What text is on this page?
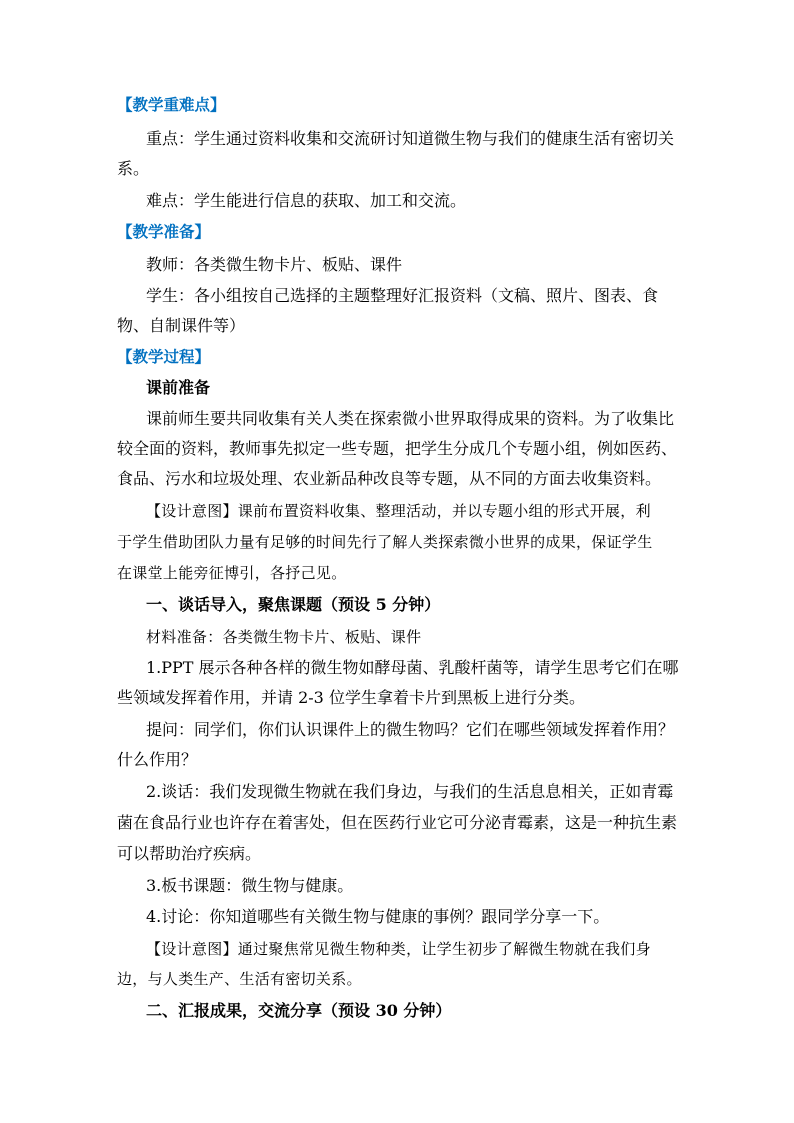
【教学重难点】
重点：学生通过资料收集和交流研讨知道微生物与我们的健康生活有密切关
系。
难点：学生能进行信息的获取、加工和交流。
【教学准备】
教师：各类微生物卡片、板贴、课件
学生：各小组按自己选择的主题整理好汇报资料（文稿、照片、图表、食
物、自制课件等）
【教学过程】
课前准备
课前师生要共同收集有关人类在探索微小世界取得成果的资料。为了收集比
较全面的资料，教师事先拟定一些专题，把学生分成几个专题小组，例如医药、
食品、污水和垃圾处理、农业新品种改良等专题，从不同的方面去收集资料。
【设计意图】课前布置资料收集、整理活动，并以专题小组的形式开展，利
于学生借助团队力量有足够的时间先行了解人类探索微小世界的成果，保证学生
在课堂上能旁征博引，各抒己见。
一、谈话导入，聚焦课题（预设 5 分钟）
材料准备：各类微生物卡片、板贴、课件
1.PPT 展示各种各样的微生物如酵母菌、乳酸杆菌等，请学生思考它们在哪
些领域发挥着作用，并请 2-3 位学生拿着卡片到黑板上进行分类。
提问：同学们，你们认识课件上的微生物吗？它们在哪些领域发挥着作用？
什么作用？
2.谈话：我们发现微生物就在我们身边，与我们的生活息息相关，正如青霉
菌在食品行业也许存在着害处，但在医药行业它可分泌青霉素，这是一种抗生素
可以帮助治疗疾病。
3.板书课题：微生物与健康。
4.讨论：你知道哪些有关微生物与健康的事例？跟同学分享一下。
【设计意图】通过聚焦常见微生物种类，让学生初步了解微生物就在我们身
边，与人类生产、生活有密切关系。
二、汇报成果，交流分享（预设 30 分钟）
